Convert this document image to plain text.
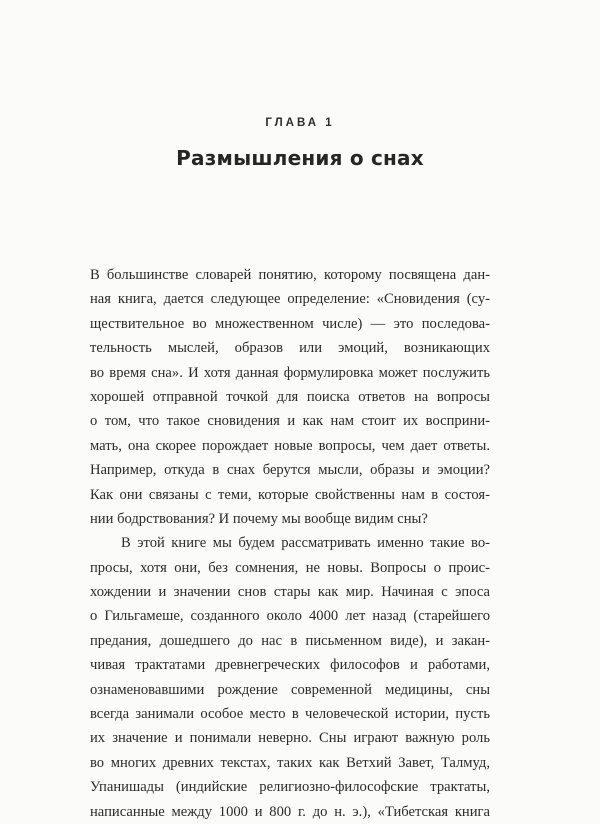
ГЛАВА 1
Размышления о снах
В большинстве словарей понятию, которому посвящена дан-
ная книга, дается следующее определение: «Сновидения (су-
ществительное во множественном числе) — это последова-
тельность мыслей, образов или эмоций, возникающих
во время сна». И хотя данная формулировка может послужить
хорошей отправной точкой для поиска ответов на вопросы
о том, что такое сновидения и как нам стоит их восприни-
мать, она скорее порождает новые вопросы, чем дает ответы.
Например, откуда в снах берутся мысли, образы и эмоции?
Как они связаны с теми, которые свойственны нам в состоя-
нии бодрствования? И почему мы вообще видим сны?
В этой книге мы будем рассматривать именно такие во-
просы, хотя они, без сомнения, не новы. Вопросы о проис-
хождении и значении снов стары как мир. Начиная с эпоса
о Гильгамеше, созданного около 4000 лет назад (старейшего
предания, дошедшего до нас в письменном виде), и закан-
чивая трактатами древнегреческих философов и работами,
ознаменовавшими рождение современной медицины, сны
всегда занимали особое место в человеческой истории, пусть
их значение и понимали неверно. Сны играют важную роль
во многих древних текстах, таких как Ветхий Завет, Талмуд,
Упанишады (индийские религиозно-философские трактаты,
написанные между 1000 и 800 г. до н. э.), «Тибетская книга
